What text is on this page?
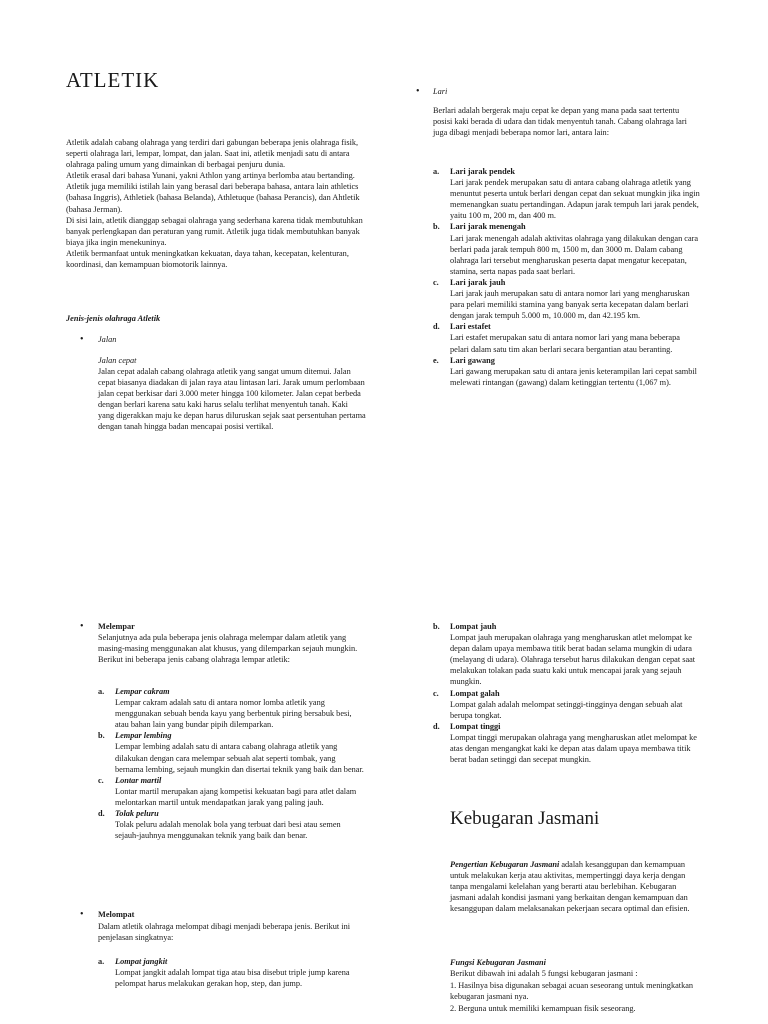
ATLETIK

Atletik adalah cabang olahraga yang terdiri dari gabungan beberapa jenis olahraga fisik, seperti olahraga lari, lempar, lompat, dan jalan. Saat ini, atletik menjadi satu di antara olahraga paling umum yang dimainkan di berbagai penjuru dunia.

Atletik erasal dari bahasa Yunani, yakni Athlon yang artinya berlomba atau bertanding. Atletik juga memiliki istilah lain yang berasal dari beberapa bahasa, antara lain athletics (bahasa Inggris), Athletiek (bahasa Belanda), Athletuque (bahasa Perancis), dan Ahtletik (bahasa Jerman).

Di sisi lain, atletik dianggap sebagai olahraga yang sederhana karena tidak membutuhkan banyak perlengkapan dan peraturan yang rumit. Atletik juga tidak membutuhkan banyak biaya jika ingin menekuninya.

Atletik bermanfaat untuk meningkatkan kekuatan, daya tahan, kecepatan, kelenturan, koordinasi, dan kemampuan biomotorik lainnya.

Jenis-jenis olahraga Atletik

• Jalan

Jalan cepat

Jalan cepat adalah cabang olahraga atletik yang sangat umum ditemui. Jalan cepat biasanya diadakan di jalan raya atau lintasan lari. Jarak umum perlombaan jalan cepat berkisar dari 3.000 meter hingga 100 kilometer. Jalan cepat berbeda dengan berlari karena satu kaki harus selalu terlihat menyentuh tanah. Kaki yang digerakkan maju ke depan harus diluruskan sejak saat persentuhan pertama dengan tanah hingga badan mencapai posisi vertikal.

• Lari

Berlari adalah bergerak maju cepat ke depan yang mana pada saat tertentu posisi kaki berada di udara dan tidak menyentuh tanah. Cabang olahraga lari juga dibagi menjadi beberapa nomor lari, antara lain:

a. Lari jarak pendek

Lari jarak pendek merupakan satu di antara cabang olahraga atletik yang menuntut peserta untuk berlari dengan cepat dan sekuat mungkin jika ingin memenangkan suatu pertandingan. Adapun jarak tempuh lari jarak pendek, yaitu 100 m, 200 m, dan 400 m.

b. Lari jarak menengah

Lari jarak menengah adalah aktivitas olahraga yang dilakukan dengan cara berlari pada jarak tempuh 800 m, 1500 m, dan 3000 m. Dalam cabang olahraga lari tersebut mengharuskan peserta dapat mengatur kecepatan, stamina, serta napas pada saat berlari.

c. Lari jarak jauh

Lari jarak jauh merupakan satu di antara nomor lari yang mengharuskan para pelari memiliki stamina yang banyak serta kecepatan dalam berlari dengan jarak tempuh 5.000 m, 10.000 m, dan 42.195 km.

d. Lari estafet

Lari estafet merupakan satu di antara nomor lari yang mana beberapa pelari dalam satu tim akan berlari secara bergantian atau beranting.

e. Lari gawang

Lari gawang merupakan satu di antara jenis keterampilan lari cepat sambil melewati rintangan (gawang) dalam ketinggian tertentu (1,067 m).

• Melempar

Selanjutnya ada pula beberapa jenis olahraga melempar dalam atletik yang masing-masing menggunakan alat khusus, yang dilemparkan sejauh mungkin. Berikut ini beberapa jenis cabang olahraga lempar atletik:

a. Lempar cakram

Lempar cakram adalah satu di antara nomor lomba atletik yang menggunakan sebuah benda kayu yang berbentuk piring bersabuk besi, atau bahan lain yang bundar pipih dilemparkan.

b. Lempar lembing

Lempar lembing adalah satu di antara cabang olahraga atletik yang dilakukan dengan cara melempar sebuah alat seperti tombak, yang bernama lembing, sejauh mungkin dan disertai teknik yang baik dan benar.

c. Lontar martil

Lontar martil merupakan ajang kompetisi kekuatan bagi para atlet dalam melontarkan martil untuk mendapatkan jarak yang paling jauh.

d. Tolak peluru

Tolak peluru adalah menolak bola yang terbuat dari besi atau semen sejauh-jauhnya menggunakan teknik yang baik dan benar.

• Melompat

Dalam atletik olahraga melompat dibagi menjadi beberapa jenis. Berikut ini penjelasan singkatnya:

a. Lompat jangkit

Lompat jangkit adalah lompat tiga atau bisa disebut triple jump karena pelompat harus melakukan gerakan hop, step, dan jump.

b. Lompat jauh

Lompat jauh merupakan olahraga yang mengharuskan atlet melompat ke depan dalam upaya membawa titik berat badan selama mungkin di udara (melayang di udara). Olahraga tersebut harus dilakukan dengan cepat saat melakukan tolakan pada suatu kaki untuk mencapai jarak yang sejauh mungkin.

c. Lompat galah

Lompat galah adalah melompat setinggi-tingginya dengan sebuah alat berupa tongkat.

d. Lompat tinggi

Lompat tinggi merupakan olahraga yang mengharuskan atlet melompat ke atas dengan mengangkat kaki ke depan atas dalam upaya membawa titik berat badan setinggi dan secepat mungkin.

Kebugaran Jasmani

Pengertian Kebugaran Jasmani adalah kesanggupan dan kemampuan untuk melakukan kerja atau aktivitas, mempertinggi daya kerja dengan tanpa mengalami kelelahan yang berarti atau berlebihan. Kebugaran jasmani adalah kondisi jasmani yang berkaitan dengan kemampuan dan kesanggupan dalam melaksanakan pekerjaan secara optimal dan efisien.

Fungsi Kebugaran Jasmani

Berikut dibawah ini adalah 5 fungsi kebugaran jasmani :

1. Hasilnya bisa digunakan sebagai acuan seseorang untuk meningkatkan kebugaran jasmani nya.

2. Berguna untuk memiliki kemampuan fisik seseorang.
